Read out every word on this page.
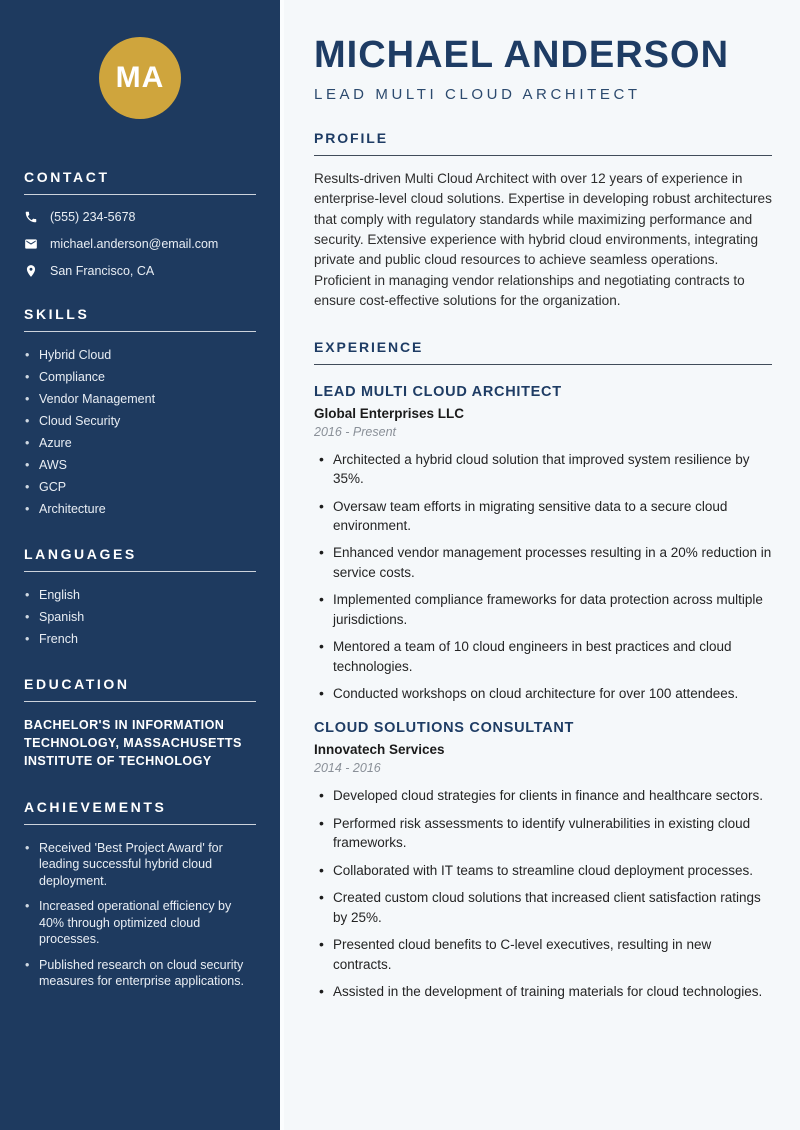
MA
CONTACT
(555) 234-5678
michael.anderson@email.com
San Francisco, CA
SKILLS
• Hybrid Cloud
• Compliance
• Vendor Management
• Cloud Security
• Azure
• AWS
• GCP
• Architecture
LANGUAGES
• English
• Spanish
• French
EDUCATION
BACHELOR'S IN INFORMATION TECHNOLOGY, MASSACHUSETTS INSTITUTE OF TECHNOLOGY
ACHIEVEMENTS
• Received 'Best Project Award' for leading successful hybrid cloud deployment.
• Increased operational efficiency by 40% through optimized cloud processes.
• Published research on cloud security measures for enterprise applications.
MICHAEL ANDERSON
LEAD MULTI CLOUD ARCHITECT
PROFILE

Results-driven Multi Cloud Architect with over 12 years of experience in enterprise-level cloud solutions. Expertise in developing robust architectures that comply with regulatory standards while maximizing performance and security. Extensive experience with hybrid cloud environments, integrating private and public cloud resources to achieve seamless operations. Proficient in managing vendor relationships and negotiating contracts to ensure cost-effective solutions for the organization.

EXPERIENCE
LEAD MULTI CLOUD ARCHITECT
Global Enterprises LLC
2016 - Present
• Architected a hybrid cloud solution that improved system resilience by 35%.
• Oversaw team efforts in migrating sensitive data to a secure cloud environment.
• Enhanced vendor management processes resulting in a 20% reduction in service costs.
• Implemented compliance frameworks for data protection across multiple jurisdictions.
• Mentored a team of 10 cloud engineers in best practices and cloud technologies.
• Conducted workshops on cloud architecture for over 100 attendees.
CLOUD SOLUTIONS CONSULTANT
Innovatech Services
2014 - 2016
• Developed cloud strategies for clients in finance and healthcare sectors.
• Performed risk assessments to identify vulnerabilities in existing cloud frameworks.
• Collaborated with IT teams to streamline cloud deployment processes.
• Created custom cloud solutions that increased client satisfaction ratings by 25%.
• Presented cloud benefits to C-level executives, resulting in new contracts.
• Assisted in the development of training materials for cloud technologies.
